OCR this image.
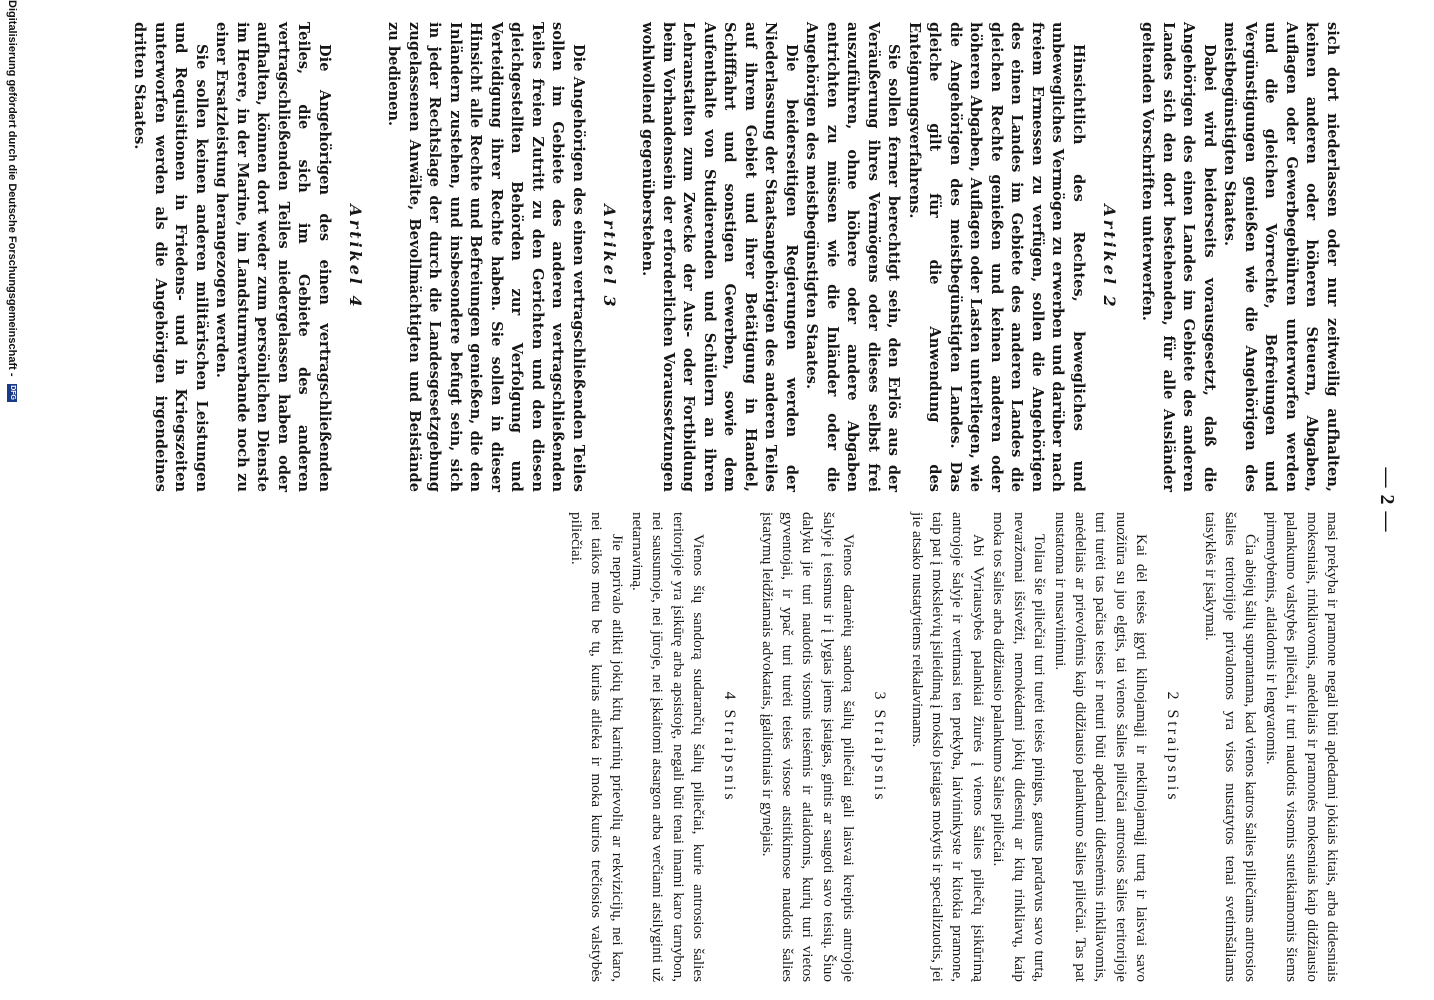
— 2 —

masi prekyba ir pramone negali būti apdedami jokiais kitais, arba didesniais mokesniais, rinkliavomis, anėdeliais ir pramonės mokesniais kaip didžiausio palankumo valstybės piliečiai, ir turi naudotis visomis suteikiamomis šiems pirmenybėmis, atlaidomis ir lengvatomis.

Čia abiejų šalių suprantama, kad vienos katros šalies piliečiams antrosios šalies teritorijoje privalomos yra visos nustatytos tenai svetimšaliams taisyklės ir įsakymai.

2 Straipsnis

Kai dėl teisės įgyti kilnojamąjį ir nekilnojamąjį turtą ir laisvai savo nuožiūra su juo elgtis, tai vienos šalies piliečiai antrosios šalies teritorijoje turi turėti tas pačias teises ir neturi būti apdedami didesnėmis rinkliavomis, anėdeliais ar prievolėmis kaip didžiausio palankumo šalies piliečiai. Tas pat nustatoma ir nusavinimui.

Toliau šie piliečiai turi turėti teisės pinigus, gautus pardavus savo turtą, nevaržomai išsivežti, nemokėdami jokių didesnių ar kitų rinkliavų, kaip moka tos šalies arba didžiausio palankumo šalies piliečiai.

Abi Vyriausybės palankiai žiurės į vienos šalies piliečių įsikūrimą antrojoje šalyje ir vertimasi ten prekyba, laivininkyste ir kitokia pramone, taip pat į moksleivių įsileidimą į mokslo įstaigas mokytis ir specializuotis, jei jie atsako nustatytiems reikalavimams.

3 Straipsnis

Vienos daranėių sandorą šalių piliečiai gali laisvai kreiptis antrojoje šalyje į teismus ir į lygias jiems įstaigas, gintis ar saugoti savo teisių. Šiuo dalyku jie turi naudotis visomis teisėmis ir atlaidomis, kurių turi vietos gyventojai, ir ypač turi turėti teisės visose atsitikimose naudotis šalies įstatymų leidžiamais advokatais, įgaliotiniais ir gynėjais.

4 Straipsnis

Vienos šių sandorą sudarančių šalių piliečiai, kurie antrosios šalies teritorijoje yra įsikūrę arba apsistoję, negali būti tenai imami karo tarnybon, nei sausumoje, nei jūroje, nei įskaitomi atsargon arba verčiami atsilyginti už netarnavimą.

Jie neprivalo atlikti jokių kitų karinių prievolių ar rekvizicijų, nei karo, nei taikos metu be tų, kurias atlieka ir moka kurios trečiosios valstybės piliečiai.

sich dort niederlassen oder nur zeitweilig aufhalten, keinen anderen oder höheren Steuern, Abgaben, Auflagen oder Gewerbegebühren unterworfen werden und die gleichen Vorrechte, Befreiungen und Vergünstigungen genießen wie die Angehörigen des meistbegünstigten Staates.

Dabei wird beiderseits vorausgesetzt, daß die Angehörigen des einen Landes im Gebiete des anderen Landes sich den dort bestehenden, für alle Ausländer geltenden Vorschriften unterwerfen.

Artikel 2

Hinsichtlich des Rechtes, bewegliches und unbewegliches Vermögen zu erwerben und darüber nach freiem Ermessen zu verfügen, sollen die Angehörigen des einen Landes im Gebiete des anderen Landes die gleichen Rechte genießen und keinen anderen oder höheren Abgaben, Auflagen oder Lasten unterliegen, wie die Angehörigen des meistbegünstigten Landes. Das gleiche gilt für die Anwendung des Enteignungsverfahrens.

Sie sollen ferner berechtigt sein, den Erlös aus der Veräußerung ihres Vermögens oder dieses selbst frei auszuführen, ohne höhere oder andere Abgaben entrichten zu müssen wie die Inländer oder die Angehörigen des meistbegünstigten Staates.

Die beiderseitigen Regierungen werden der Niederlassung der Staatsangehörigen des anderen Teiles auf ihrem Gebiet und ihrer Betätigung in Handel, Schifffahrt und sonstigen Gewerben, sowie dem Aufenthalte von Studierenden und Schülern an ihren Lehranstalten zum Zwecke der Aus- oder Fortbildung beim Vorhandensein der erforderlichen Voraussetzungen wohlwollend gegenüberstehen.

Artikel 3

Die Angehörigen des einen vertragschließenden Teiles sollen im Gebiete des anderen vertragschließenden Teiles freien Zutritt zu den Gerichten und den diesen gleichgestellten Behörden zur Verfolgung und Verteidigung ihrer Rechte haben. Sie sollen in dieser Hinsicht alle Rechte und Befreiungen genießen, die den Inländern zustehen, und insbesondere befugt sein, sich in jeder Rechtslage der durch die Landesgesetzgebung zugelassenen Anwälte, Bevollmächtigten und Beistände zu bedienen.

Artikel 4

Die Angehörigen des einen vertragschließenden Teiles, die sich im Gebiete des anderen vertragschließenden Teiles niedergelassen haben oder aufhalten, können dort weder zum persönlichen Dienste im Heere, in der Marine, im Landsturmverbande noch zu einer Ersatzleistung herangezogen werden.

Sie sollen keinen anderen militärischen Leistungen und Requisitionen in Friedens- und in Kriegszeiten unterworfen werden als die Angehörigen irgendeines dritten Staates.

Digitalisierung gefördert durch die Deutsche Forschungsgemeinschaft - DFG
